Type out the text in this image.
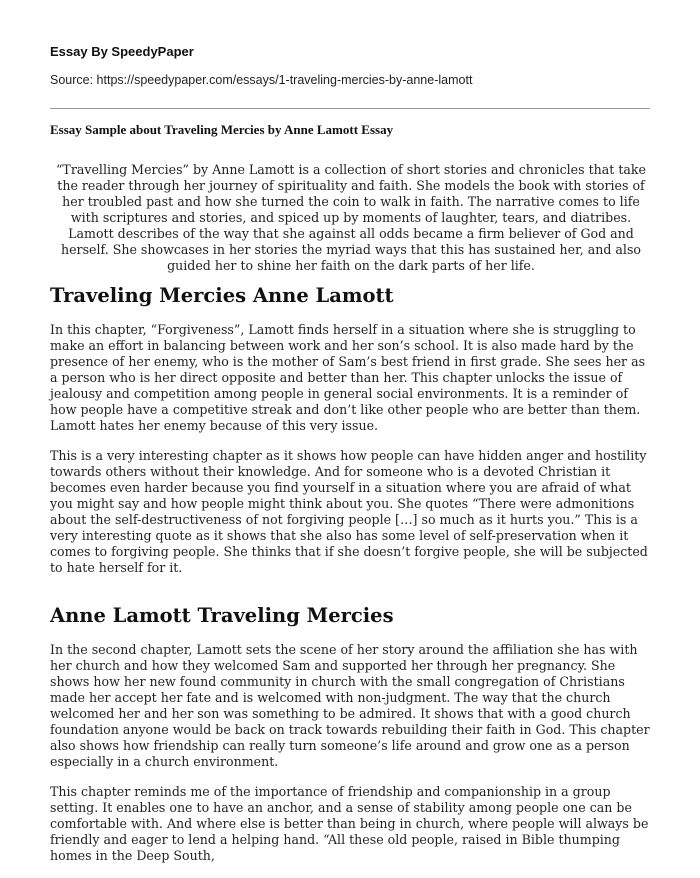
Essay By SpeedyPaper
Source: https://speedypaper.com/essays/1-traveling-mercies-by-anne-lamott
Essay Sample about Traveling Mercies by Anne Lamott Essay

“Travelling Mercies” by Anne Lamott is a collection of short stories and chronicles that take the reader through her journey of spirituality and faith. She models the book with stories of her troubled past and how she turned the coin to walk in faith. The narrative comes to life with scriptures and stories, and spiced up by moments of laughter, tears, and diatribes. Lamott describes of the way that she against all odds became a firm believer of God and herself. She showcases in her stories the myriad ways that this has sustained her, and also guided her to shine her faith on the dark parts of her life.

Traveling Mercies Anne Lamott

In this chapter, “Forgiveness”, Lamott finds herself in a situation where she is struggling to make an effort in balancing between work and her son’s school. It is also made hard by the presence of her enemy, who is the mother of Sam’s best friend in first grade. She sees her as a person who is her direct opposite and better than her. This chapter unlocks the issue of jealousy and competition among people in general social environments. It is a reminder of how people have a competitive streak and don’t like other people who are better than them. Lamott hates her enemy because of this very issue.

This is a very interesting chapter as it shows how people can have hidden anger and hostility towards others without their knowledge. And for someone who is a devoted Christian it becomes even harder because you find yourself in a situation where you are afraid of what you might say and how people might think about you. She quotes “There were admonitions about the self-destructiveness of not forgiving people […] so much as it hurts you.” This is a very interesting quote as it shows that she also has some level of self-preservation when it comes to forgiving people. She thinks that if she doesn’t forgive people, she will be subjected to hate herself for it.

Anne Lamott Traveling Mercies

In the second chapter, Lamott sets the scene of her story around the affiliation she has with her church and how they welcomed Sam and supported her through her pregnancy. She shows how her new found community in church with the small congregation of Christians made her accept her fate and is welcomed with non-judgment. The way that the church welcomed her and her son was something to be admired. It shows that with a good church foundation anyone would be back on track towards rebuilding their faith in God. This chapter also shows how friendship can really turn someone’s life around and grow one as a person especially in a church environment.

This chapter reminds me of the importance of friendship and companionship in a group setting. It enables one to have an anchor, and a sense of stability among people one can be comfortable with. And where else is better than being in church, where people will always be friendly and eager to lend a helping hand. “All these old people, raised in Bible thumping homes in the Deep South,
